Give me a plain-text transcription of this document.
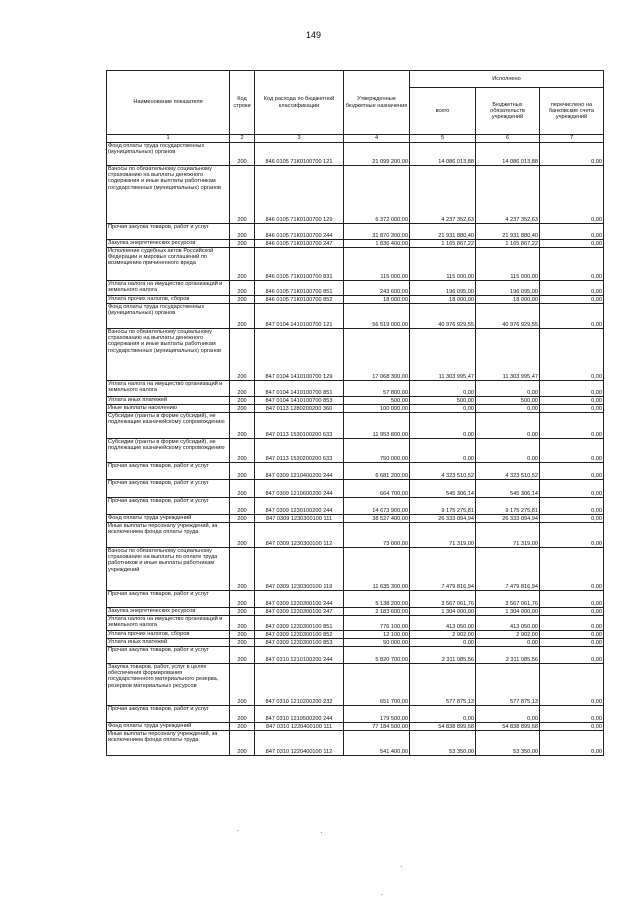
149
Наименование показателя	Код строки	Код расхода по бюджетной классификации	Утвержденные бюджетные назначения	Исполнено		
				всего	Бюджетных обязательств учреждений	перечислено на банковские счета учреждений
1	2	3	4	5	6	7
Фонд оплаты труда государственных (муниципальных) органов	200	846 0105 71К0100700 121	21 099 200,00	14 086 013,88	14 086 013,88	0,00
Взносы по обязательному социальному страхованию на выплаты денежного содержания и иные выплаты работникам государственных (муниципальных) органов	200	846 0105 71К0100700 129	6 372 000,00	4 237 352,63	4 237 352,63	0,00
Прочая закупка товаров, работ и услуг	200	846 0105 71К0100700 244	31 870 300,00	21 931 880,40	21 931 880,40	0,00
Закупка энергетических ресурсов	200	846 0105 71К0100700 247	1 836 400,00	1 165 867,22	1 165 867,22	0,00
Исполнение судебных актов Российской Федерации и мировых соглашений по возмещению причиненного вреда	200	846 0105 71К0100700 831	115 000,00	115 000,00	115 000,00	0,00
Уплата налога на имущество организаций и земельного налога	200	846 0105 71К0100700 851	243 600,00	196 095,00	196 095,00	0,00
Уплата прочих налогов, сборов	200	846 0105 71К0100700 852	18 000,00	18 000,00	18 000,00	0,00
Фонд оплаты труда государственных (муниципальных) органов	200	847 0104 1410100700 121	56 519 000,00	40 976 929,55	40 976 929,55	0,00
Взносы по обязательному социальному страхованию на выплаты денежного содержания и иные выплаты работникам государственных (муниципальных) органов	200	847 0104 1410100700 129	17 068 300,00	11 303 995,47	11 303 995,47	0,00
Уплата налога на имущество организаций и земельного налога	200	847 0104 1410100700 851	57 800,00	0,00	0,00	0,00
Уплата иных платежей	200	847 0104 1410100700 853	500,00	500,00	500,00	0,00
Иные выплаты населению	200	847 0113 1280200200 360	100 000,00	0,00	0,00	0,00
Субсидии (гранты в форме субсидий), не подлежащие казначейскому сопровождению	200	847 0113 1530100200 633	11 953 800,00	0,00	0,00	0,00
Субсидии (гранты в форме субсидий), не подлежащие казначейскому сопровождению	200	847 0113 1530200200 633	750 000,00	0,00	0,00	0,00
Прочая закупка товаров, работ и услуг	200	847 0309 1210400200 244	6 681 200,00	4 323 510,52	4 323 510,52	0,00
Прочая закупка товаров, работ и услуг	200	847 0309 1210600200 244	664 700,00	545 306,14	545 306,14	0,00
Прочая закупка товаров, работ и услуг	200	847 0309 1230100200 244	14 673 900,00	9 175 275,81	9 175 275,81	0,00
Фонд оплаты труда учреждений	200	847 0309 1230300100 111	38 527 400,00	26 333 094,94	26 333 094,94	0,00
Иные выплаты персоналу учреждений, за исключением фонда оплаты труда	200	847 0309 1230300100 112	73 000,00	71 319,00	71 319,00	0,00
Взносы по обязательному социальному страхованию на выплаты по оплате труда работников и иные выплаты работникам учреждений	200	847 0309 1230300100 119	11 635 300,00	7 479 816,94	7 479 816,94	0,00
Прочая закупка товаров, работ и услуг	200	847 0309 1230300100 244	5 138 200,00	3 567 061,76	3 567 061,76	0,00
Закупка энергетических ресурсов	200	847 0309 1230300100 247	2 183 600,00	1 304 000,00	1 304 000,00	0,00
Уплата налога на имущество организаций и земельного налога	200	847 0309 1230300100 851	776 100,00	413 050,00	413 050,00	0,00
Уплата прочих налогов, сборов	200	847 0309 1230300100 852	12 100,00	2 902,00	2 902,00	0,00
Уплата иных платежей	200	847 0309 1230300100 853	50 000,00	0,00	0,00	0,00
Прочая закупка товаров, работ и услуг	200	847 0310 1210100200 244	5 820 700,00	2 311 085,56	2 311 085,56	0,00
Закупка товаров, работ, услуг в целях обеспечения формирования государственного материального резерва, резервов материальных ресурсов	200	847 0310 1210200200 232	651 700,00	577 875,13	577 875,13	0,00
Прочая закупка товаров, работ и услуг	200	847 0310 1210500200 244	179 500,00	0,00	0,00	0,00
Фонд оплаты труда учреждений	200	847 0310 1220400100 111	77 184 500,00	54 838 899,68	54 838 899,68	0,00
Иные выплаты персоналу учреждений, за исключением фонда оплаты труда	200	847 0310 1220400100 112	541 400,00	53 350,00	53 350,00	0,00
·	·
·
·
